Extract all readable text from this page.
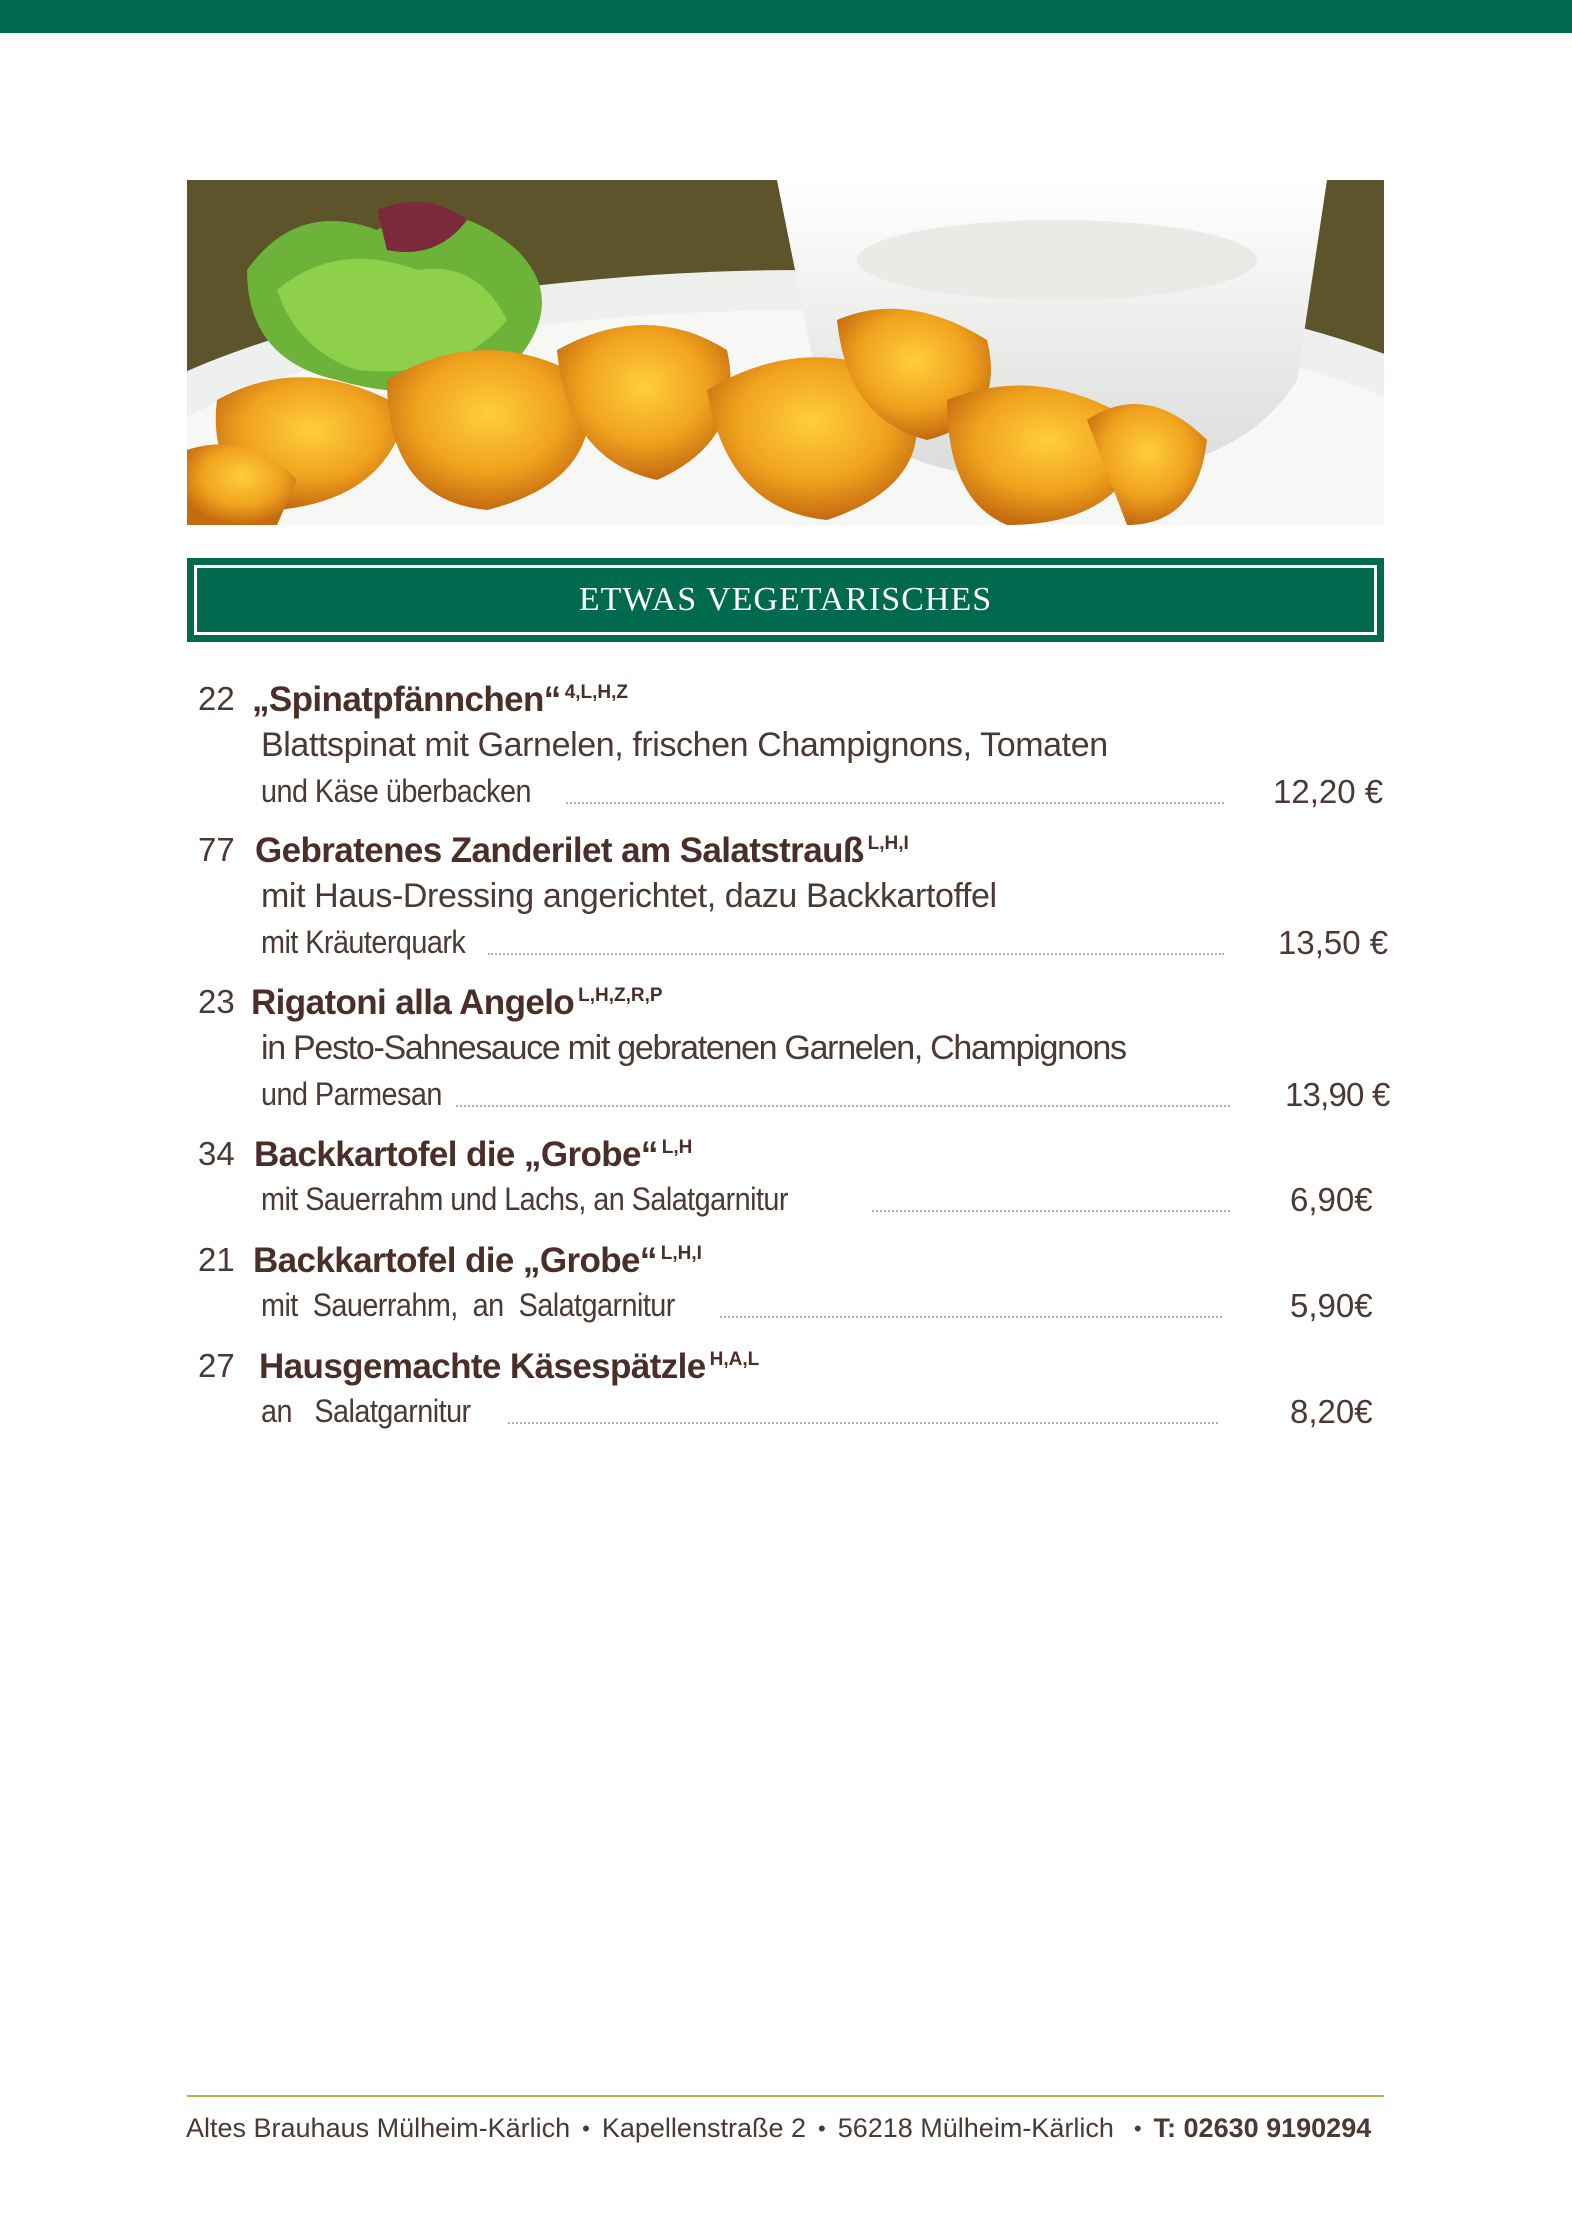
ETWAS VEGETARISCHES
22 „Spinatpfännchen“ $^{4,L,H,Z}$
Blattspinat mit Garnelen, frischen Champignons, Tomaten
und Käse überbacken	12,20 €
77 Gebratenes Zanderilet am Salatstrauß $^{L,H,I}$
mit Haus-Dressing angerichtet, dazu Backkartoffel
mit Kräuterquark	13,50 €
23 Rigatoni alla Angelo $^{L,H,Z,R,P}$
in Pesto-Sahnesauce mit gebratenen Garnelen, Champignons
und Parmesan	13,90 €
34 Backkartofel die „Grobe“ $^{L,H}$
mit Sauerrahm und Lachs, an Salatgarnitur	6,90€
21 Backkartofel die „Grobe“ $^{L,H,I}$
mit  Sauerrahm,  an  Salatgarnitur	5,90€
27 Hausgemachte Käsespätzle $^{H,A,L}$
an   Salatgarnitur	8,20€
Altes Brauhaus Mülheim-Kärlich • Kapellenstraße 2 • 56218 Mülheim-Kärlich • T: 02630 9190294
